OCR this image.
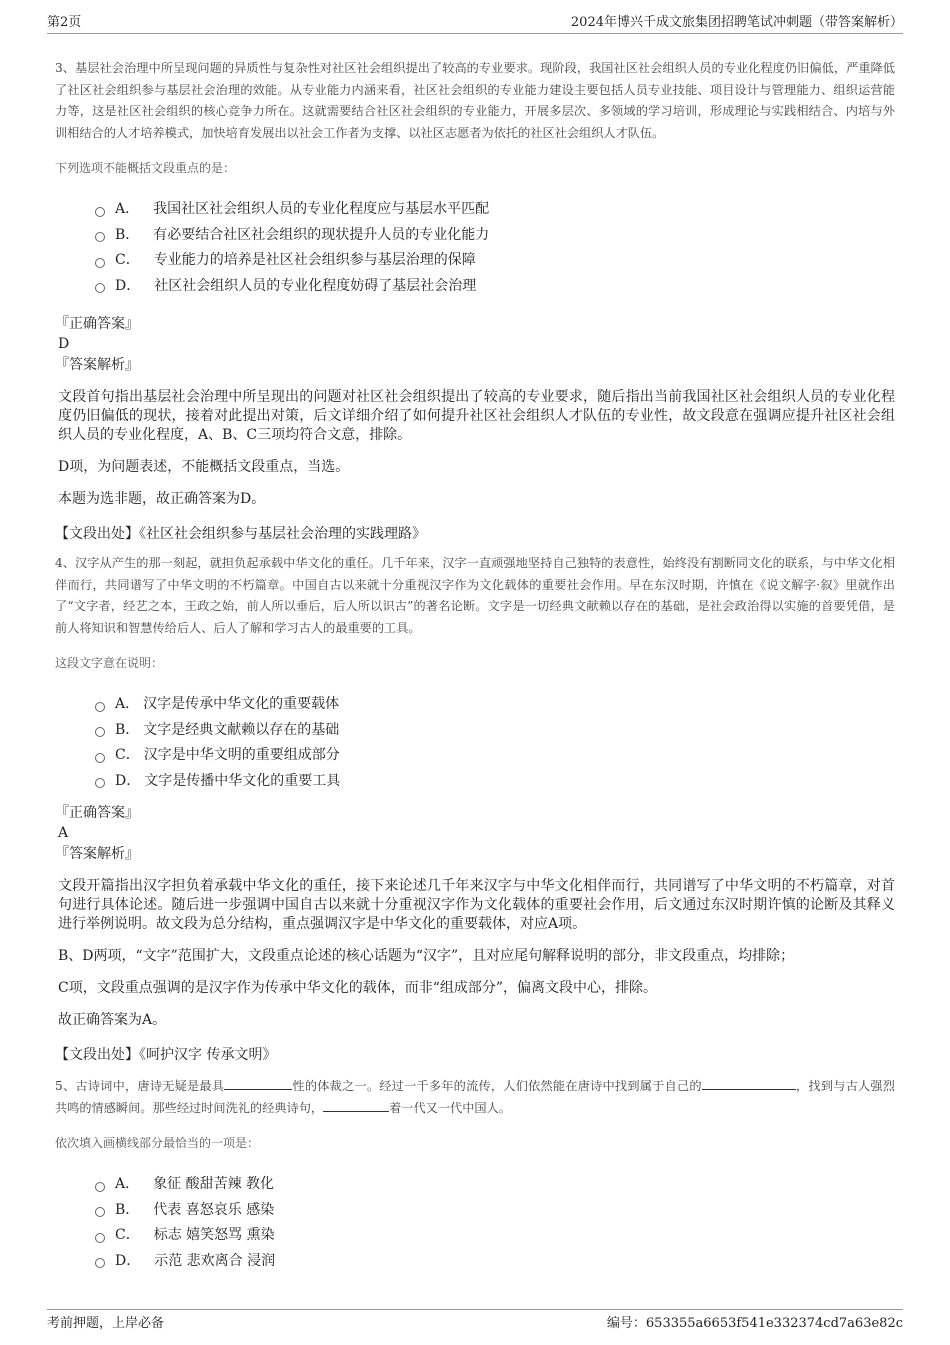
第2页	2024年博兴千成文旅集团招聘笔试冲刺题（带答案解析）

3、基层社会治理中所呈现问题的异质性与复杂性对社区社会组织提出了较高的专业要求。现阶段，我国社区社会组织人员的专业化程度仍旧偏低，严重降低了社区社会组织参与基层社会治理的效能。从专业能力内涵来看，社区社会组织的专业能力建设主要包括人员专业技能、项目设计与管理能力、组织运营能力等，这是社区社会组织的核心竞争力所在。这就需要结合社区社会组织的专业能力，开展多层次、多领域的学习培训，形成理论与实践相结合、内培与外训相结合的人才培养模式，加快培育发展出以社会工作者为支撑、以社区志愿者为依托的社区社会组织人才队伍。

下列选项不能概括文段重点的是：

A． 我国社区社会组织人员的专业化程度应与基层水平匹配
B． 有必要结合社区社会组织的现状提升人员的专业化能力
C． 专业能力的培养是社区社会组织参与基层治理的保障
D． 社区社会组织人员的专业化程度妨碍了基层社会治理

『正确答案』

D

『答案解析』

文段首句指出基层社会治理中所呈现出的问题对社区社会组织提出了较高的专业要求，随后指出当前我国社区社会组织人员的专业化程度仍旧偏低的现状，接着对此提出对策，后文详细介绍了如何提升社区社会组织人才队伍的专业性，故文段意在强调应提升社区社会组织人员的专业化程度，A、B、C三项均符合文意，排除。

D项，为问题表述，不能概括文段重点，当选。

本题为选非题，故正确答案为D。

【文段出处】《社区社会组织参与基层社会治理的实践理路》

4、汉字从产生的那一刻起，就担负起承载中华文化的重任。几千年来，汉字一直顽强地坚持自己独特的表意性，始终没有割断同文化的联系，与中华文化相伴而行，共同谱写了中华文明的不朽篇章。中国自古以来就十分重视汉字作为文化载体的重要社会作用。早在东汉时期，许慎在《说文解字·叙》里就作出了“文字者，经艺之本，王政之始，前人所以垂后，后人所以识古”的著名论断。文字是一切经典文献赖以存在的基础，是社会政治得以实施的首要凭借，是前人将知识和智慧传给后人、后人了解和学习古人的最重要的工具。

这段文字意在说明：

A． 汉字是传承中华文化的重要载体
B． 文字是经典文献赖以存在的基础
C． 汉字是中华文明的重要组成部分
D． 文字是传播中华文化的重要工具

『正确答案』

A

『答案解析』

文段开篇指出汉字担负着承载中华文化的重任，接下来论述几千年来汉字与中华文化相伴而行，共同谱写了中华文明的不朽篇章，对首句进行具体论述。随后进一步强调中国自古以来就十分重视汉字作为文化载体的重要社会作用，后文通过东汉时期许慎的论断及其释义进行举例说明。故文段为总分结构，重点强调汉字是中华文化的重要载体，对应A项。

B、D两项，“文字”范围扩大，文段重点论述的核心话题为“汉字”，且对应尾句解释说明的部分，非文段重点，均排除；

C项，文段重点强调的是汉字作为传承中华文化的载体，而非“组成部分”，偏离文段中心，排除。

故正确答案为A。

【文段出处】《呵护汉字 传承文明》

5、古诗词中，唐诗无疑是最具	性的体裁之一。经过一千多年的流传，人们依然能在唐诗中找到属于自己的	，找到与古人强烈共鸣的情感瞬间。那些经过时间洗礼的经典诗句，	着一代又一代中国人。

依次填入画横线部分最恰当的一项是：

A． 象征 酸甜苦辣 教化
B． 代表 喜怒哀乐 感染
C． 标志 嬉笑怒骂 熏染
D． 示范 悲欢离合 浸润
考前押题，上岸必备	编号：653355a6653f541e332374cd7a63e82c
